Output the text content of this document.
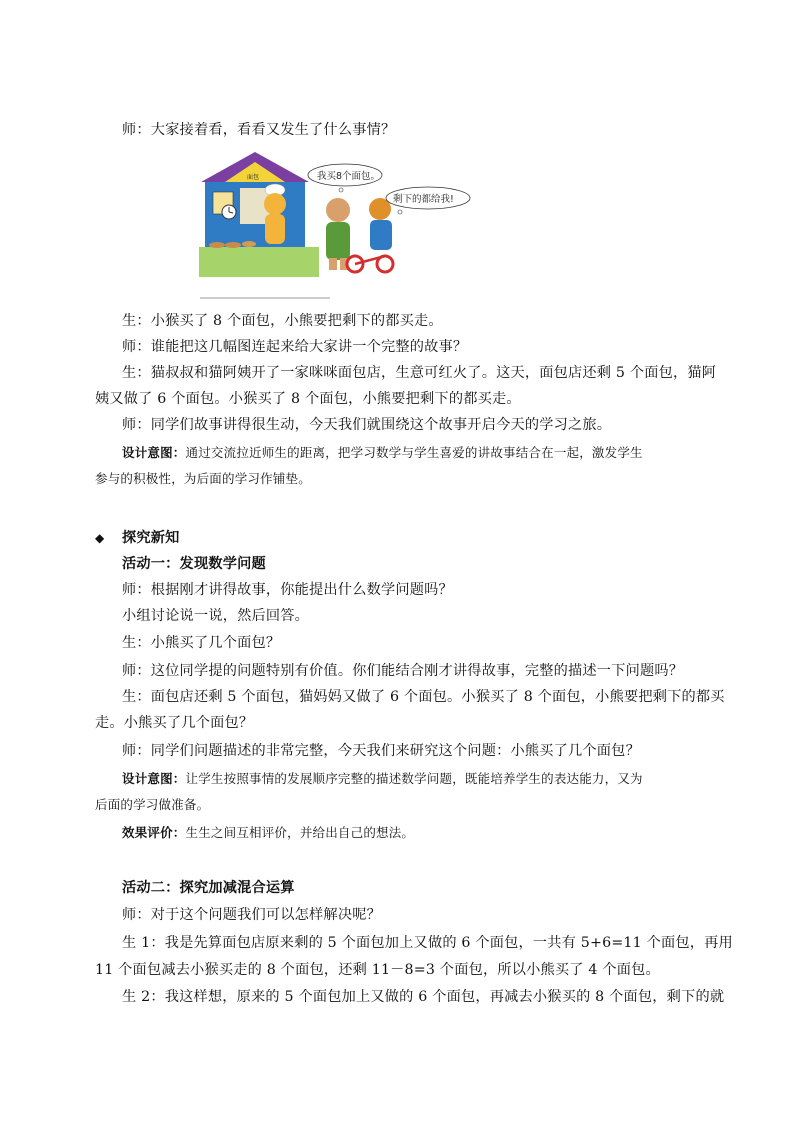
师：大家接着看，看看又发生了什么事情？
面包	我买8个面包。
剩下的都给我!
生：小猴买了 8 个面包，小熊要把剩下的都买走。
师：谁能把这几幅图连起来给大家讲一个完整的故事？
生：猫叔叔和猫阿姨开了一家咪咪面包店，生意可红火了。这天，面包店还剩 5 个面包，猫阿
姨又做了 6 个面包。小猴买了 8 个面包，小熊要把剩下的都买走。
师：同学们故事讲得很生动，今天我们就围绕这个故事开启今天的学习之旅。
设计意图：通过交流拉近师生的距离，把学习数学与学生喜爱的讲故事结合在一起，激发学生
参与的积极性，为后面的学习作铺垫。
◆ 探究新知
活动一：发现数学问题
师：根据刚才讲得故事，你能提出什么数学问题吗？
小组讨论说一说，然后回答。
生：小熊买了几个面包？
师：这位同学提的问题特别有价值。你们能结合刚才讲得故事，完整的描述一下问题吗？
生：面包店还剩 5 个面包，猫妈妈又做了 6 个面包。小猴买了 8 个面包，小熊要把剩下的都买
走。小熊买了几个面包？
师：同学们问题描述的非常完整，今天我们来研究这个问题：小熊买了几个面包？
设计意图：让学生按照事情的发展顺序完整的描述数学问题，既能培养学生的表达能力，又为
后面的学习做准备。
效果评价：生生之间互相评价，并给出自己的想法。
活动二：探究加减混合运算
师：对于这个问题我们可以怎样解决呢？
生 1：我是先算面包店原来剩的 5 个面包加上又做的 6 个面包，一共有 5+6=11 个面包，再用
11 个面包减去小猴买走的 8 个面包，还剩 11－8=3 个面包，所以小熊买了 4 个面包。
生 2：我这样想，原来的 5 个面包加上又做的 6 个面包，再减去小猴买的 8 个面包，剩下的就
